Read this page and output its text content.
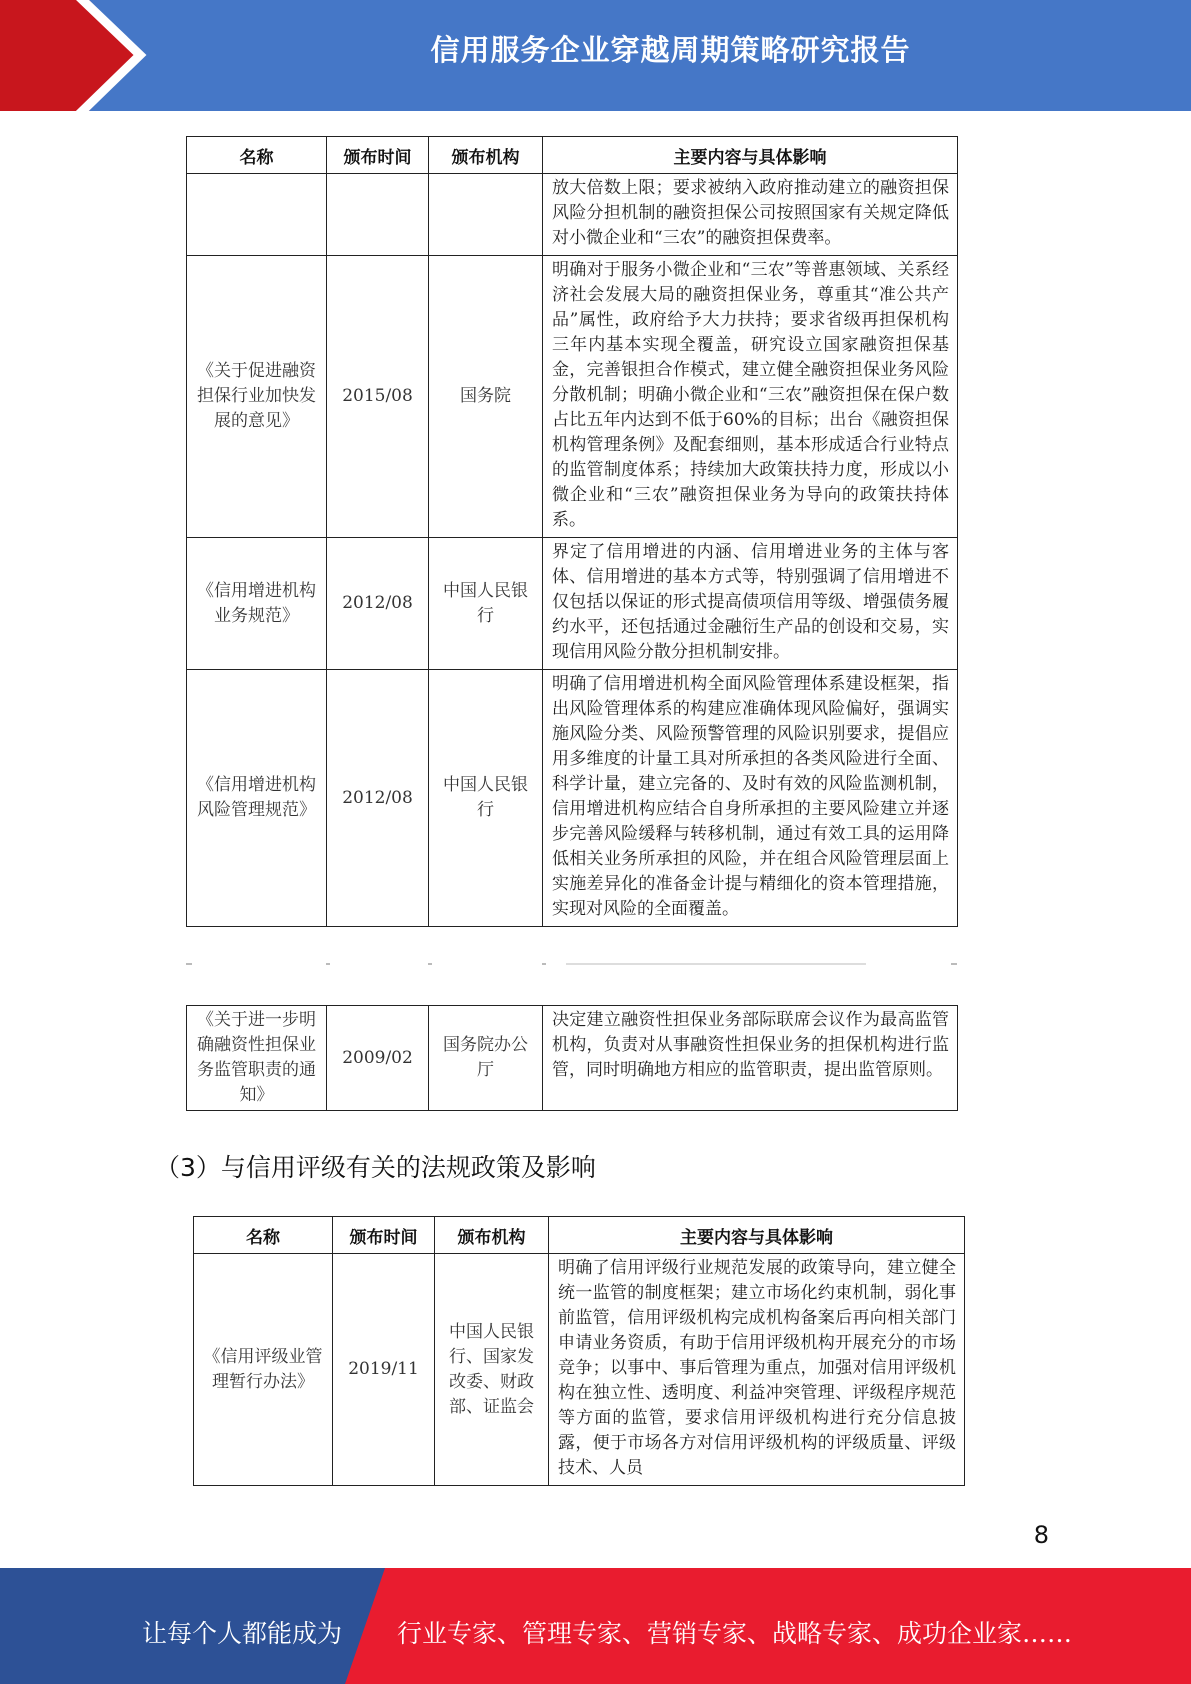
信用服务企业穿越周期策略研究报告
名称	颁布时间	颁布机构	主要内容与具体影响
			放大倍数上限；要求被纳入政府推动建立的融资担保风险分担机制的融资担保公司按照国家有关规定降低对小微企业和“三农”的融资担保费率。
《关于促进融资担保行业加快发展的意见》	2015/08	国务院	明确对于服务小微企业和“三农”等普惠领域、关系经济社会发展大局的融资担保业务，尊重其“准公共产品”属性，政府给予大力扶持；要求省级再担保机构三年内基本实现全覆盖，研究设立国家融资担保基金，完善银担合作模式，建立健全融资担保业务风险分散机制；明确小微企业和“三农”融资担保在保户数占比五年内达到不低于60%的目标；出台《融资担保机构管理条例》及配套细则，基本形成适合行业特点的监管制度体系；持续加大政策扶持力度，形成以小微企业和“三农”融资担保业务为导向的政策扶持体系。
《信用增进机构业务规范》	2012/08	中国人民银行	界定了信用增进的内涵、信用增进业务的主体与客体、信用增进的基本方式等，特别强调了信用增进不仅包括以保证的形式提高债项信用等级、增强债务履约水平，还包括通过金融衍生产品的创设和交易，实现信用风险分散分担机制安排。
《信用增进机构风险管理规范》	2012/08	中国人民银行	明确了信用增进机构全面风险管理体系建设框架，指出风险管理体系的构建应准确体现风险偏好，强调实施风险分类、风险预警管理的风险识别要求，提倡应用多维度的计量工具对所承担的各类风险进行全面、科学计量，建立完备的、及时有效的风险监测机制，信用增进机构应结合自身所承担的主要风险建立并逐步完善风险缓释与转移机制，通过有效工具的运用降低相关业务所承担的风险，并在组合风险管理层面上实施差异化的准备金计提与精细化的资本管理措施，实现对风险的全面覆盖。
《关于进一步明确融资性担保业务监管职责的通知》	2009/02	国务院办公厅	决定建立融资性担保业务部际联席会议作为最高监管机构，负责对从事融资性担保业务的担保机构进行监管，同时明确地方相应的监管职责，提出监管原则。
（3）与信用评级有关的法规政策及影响
名称	颁布时间	颁布机构	主要内容与具体影响
《信用评级业管理暂行办法》	2019/11	中国人民银行、国家发改委、财政部、证监会	明确了信用评级行业规范发展的政策导向，建立健全统一监管的制度框架；建立市场化约束机制，弱化事前监管，信用评级机构完成机构备案后再向相关部门申请业务资质，有助于信用评级机构开展充分的市场竞争；以事中、事后管理为重点，加强对信用评级机构在独立性、透明度、利益冲突管理、评级程序规范等方面的监管，要求信用评级机构进行充分信息披露，便于市场各方对信用评级机构的评级质量、评级技术、人员
8
让每个人都能成为 行业专家、管理专家、营销专家、战略专家、成功企业家……
